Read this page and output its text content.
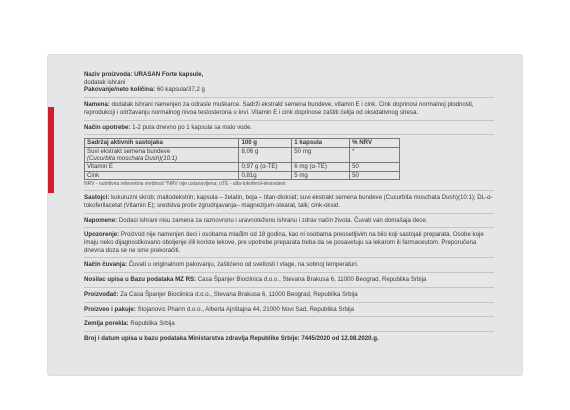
Naziv proizvoda: URASAN Forte kapsule,

dodatak ishrani

Pakovanje/neto količina: 60 kapsula/37,2 g

Namena: dodatak ishrani namenjen za odrasle muškarce. Sadrži ekstrakt semena bundeve, vitamin E i cink. Cink doprinosi normalnoj plodnosti, reprodukciji i održavanju normalnog nivoa testosterona u krvi. Vitamin E i cink doprinose zaštiti ćelija od oksidativnog stresa.

Način upotrebe: 1-2 puta dnevno po 1 kapsula sa malo vode.

Sadržaj aktivnih sastojaka	100 g	1 kapsula	% NRV
Suvi ekstrakt semena bundeve
(Cucurbita moschata Dush)(10:1)	8,06 g	50 mg	*
Vitamin E	0,97 g (α-TE)	6 mg (α-TE)	50
Cink	0,81g	5 mg	50

NRV - nutritivna referentna vrednost *NRV nije ustanovljena; αTE - alfa-tokoferol-ekvivalent

Sastojci: kukuruzni skrob; maltodekstrin; kapsula – želatin, boja – titan-dioksid; suvi ekstrakt semena bundeve (Cucurbita moschata Dush)(10:1); DL-α-tokoferilacetat (Vitamin E); sredstva protiv zgrudnjavanja– magnezijum-stearat, talk; cink-oksid.

Napomene: Dodaci ishrani nisu zamena za raznovrsnu i uravnoteženu ishranu i zdrav način života. Čuvati van domašaja dece.

Upozorenje: Proizvod nije namenjen deci i osobama mlađim od 18 godina, kao ni osobama preosetljivim na bilo koji sastojak preparata. Osobe koje imaju neko dijagnostikovano oboljenje i/ili koriste lekove, pre upotrebe preparata treba da se posavetuju sa lekarom ili farmaceutom. Preporučena dnevna doza se ne sme prekoračiti.

Način čuvanja: Čuvati u originalnom pakovanju, zaštićeno od svetlosti i vlage, na sobnoj temperaturi.

Nosilac upisa u Bazu podataka MZ RS: Casa Španjer Bioclinica d.o.o., Stevana Brakusa 6, 11000 Beograd, Republika Srbija

Proizvođač: Za Casa Španjer Bioclinica d.o.o., Stevana Brakusa 6, 11000 Beograd, Republika Srbija

Proizveo i pakuje: Stojanovic Pharm d.o.o., Alberta Ajnštajna 44, 21000 Novi Sad, Republika Srbija

Zemlja porekla: Republika Srbija

Broj i datum upisa u bazu podataka Ministarstva zdravlja Republike Srbije: 7445/2020 od 12.08.2020.g.
